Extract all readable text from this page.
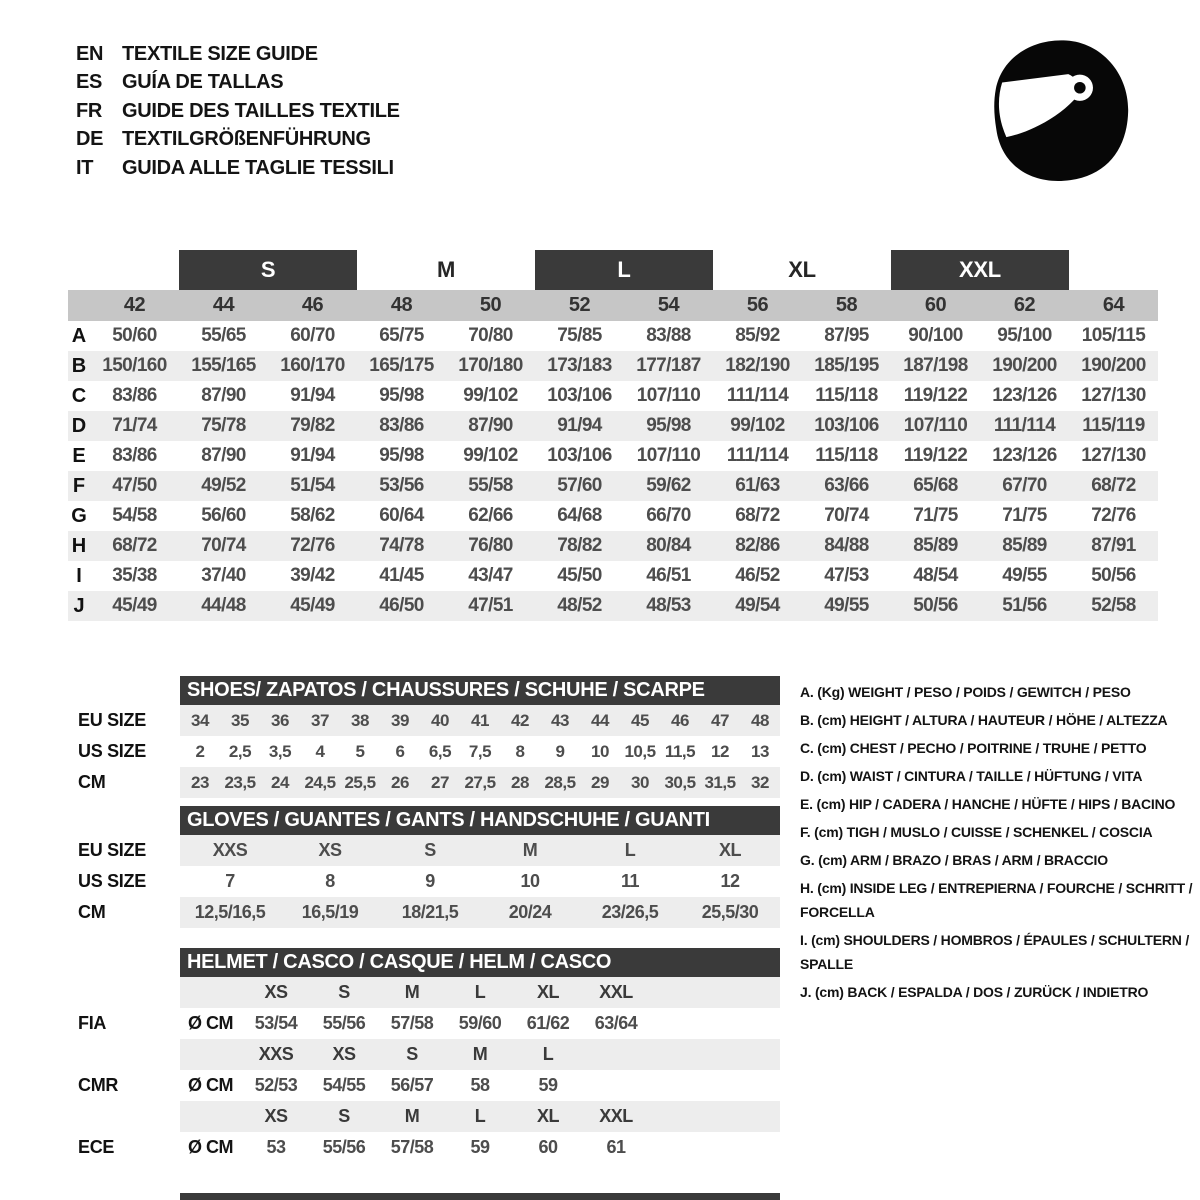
EN TEXTILE SIZE GUIDE
ES GUÍA DE TALLAS
FR GUIDE DES TAILLES TEXTILE
DE TEXTILGRÖßENFÜHRUNG
IT	GUIDA ALLE TAGLIE TESSILI
S	M	L	XL	XXL
42	44	46	48	50	52	54	56	58	60	62	64
A	50/60	55/65	60/70	65/75	70/80	75/85	83/88	85/92	87/95	90/100	95/100	105/115
B 150/160	155/165	160/170	165/175	170/180	173/183	177/187	182/190	185/195	187/198	190/200	190/200
C	83/86	87/90	91/94	95/98	99/102	103/106	107/110	111/114	115/118	119/122	123/126	127/130
D	71/74	75/78	79/82	83/86	87/90	91/94	95/98	99/102	103/106	107/110	111/114	115/119
E	83/86	87/90	91/94	95/98	99/102	103/106	107/110	111/114	115/118	119/122	123/126	127/130
F	47/50	49/52	51/54	53/56	55/58	57/60	59/62	61/63	63/66	65/68	67/70	68/72
G	54/58	56/60	58/62	60/64	62/66	64/68	66/70	68/72	70/74	71/75	71/75	72/76
H	68/72	70/74	72/76	74/78	76/80	78/82	80/84	82/86	84/88	85/89	85/89	87/91
I	35/38	37/40	39/42	41/45	43/47	45/50	46/51	46/52	47/53	48/54	49/55	50/56
J	45/49	44/48	45/49	46/50	47/51	48/52	48/53	49/54	49/55	50/56	51/56	52/58
SHOES/ ZAPATOS / CHAUSSURES / SCHUHE / SCARPE
EU SIZE	34	35	36	37	38	39	40	41	42	43	44	45	46	47	48
US SIZE	2	2,5	3,5	4	5	6	6,5	7,5	8	9	10 10,5 11,5 12	13
CM	23 23,5 24 24,5 25,5 26	27 27,5 28 28,5 29	30 30,5 31,5 32
GLOVES / GUANTES / GANTS / HANDSCHUHE / GUANTI
EU SIZE	XXS	XS	S	M	L	XL
US SIZE	7	8	9	10	11	12
CM	12,5/16,5	16,5/19	18/21,5	20/24	23/26,5	25,5/30
HELMET / CASCO / CASQUE / HELM / CASCO
XS	S	M	L	XL	XXL
FIA	Ø CM	53/54	55/56	57/58	59/60	61/62	63/64
XXS	XS	S	M	L
CMR	Ø CM	52/53	54/55	56/57	58	59
XS	S	M	L	XL	XXL
ECE	Ø CM	53	55/56	57/58	59	60	61

A. (Kg) WEIGHT / PESO / POIDS / GEWITCH / PESO

B. (cm) HEIGHT / ALTURA / HAUTEUR / HÖHE / ALTEZZA

C. (cm) CHEST / PECHO / POITRINE / TRUHE / PETTO

D. (cm) WAIST / CINTURA / TAILLE / HÜFTUNG / VITA

E. (cm) HIP / CADERA / HANCHE / HÜFTE / HIPS / BACINO

F. (cm) TIGH / MUSLO / CUISSE / SCHENKEL / COSCIA

G. (cm) ARM / BRAZO / BRAS / ARM / BRACCIO

H. (cm) INSIDE LEG / ENTREPIERNA / FOURCHE / SCHRITT / FORCELLA

I. (cm) SHOULDERS / HOMBROS / ÉPAULES / SCHULTERN / SPALLE

J. (cm) BACK / ESPALDA / DOS / ZURÜCK / INDIETRO
